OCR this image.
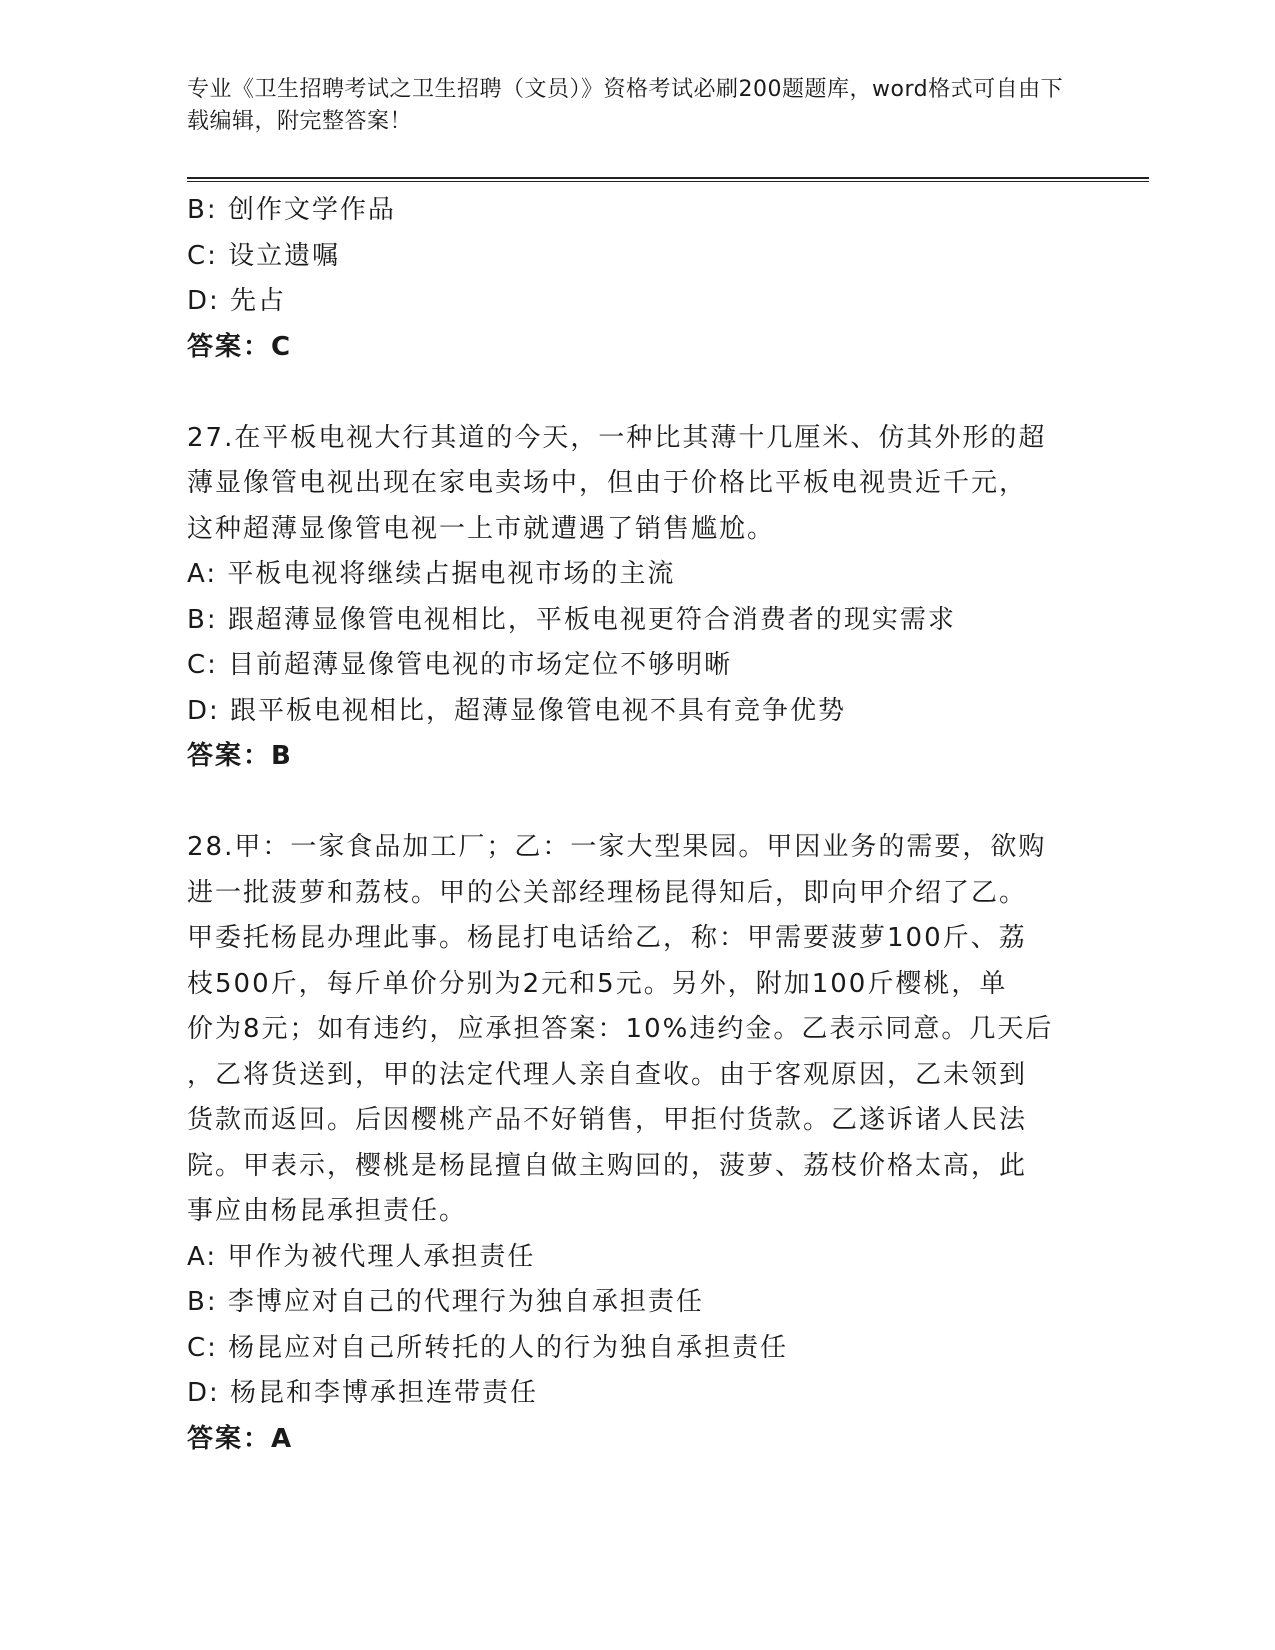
专业《卫生招聘考试之卫生招聘（文员）》资格考试必刷200题题库，word格式可自由下载编辑，附完整答案！

B: 创作文学作品
C: 设立遗嘱
D: 先占
答案：C
27.在平板电视大行其道的今天，一种比其薄十几厘米、仿其外形的超
薄显像管电视出现在家电卖场中，但由于价格比平板电视贵近千元，
这种超薄显像管电视一上市就遭遇了销售尴尬。
A: 平板电视将继续占据电视市场的主流
B: 跟超薄显像管电视相比，平板电视更符合消费者的现实需求
C: 目前超薄显像管电视的市场定位不够明晰
D: 跟平板电视相比，超薄显像管电视不具有竞争优势
答案：B
28.甲：一家食品加工厂；乙：一家大型果园。甲因业务的需要，欲购
进一批菠萝和荔枝。甲的公关部经理杨昆得知后，即向甲介绍了乙。
甲委托杨昆办理此事。杨昆打电话给乙，称：甲需要菠萝100斤、荔
枝500斤，每斤单价分别为2元和5元。另外，附加100斤樱桃，单
价为8元；如有违约，应承担答案：10%违约金。乙表示同意。几天后
，乙将货送到，甲的法定代理人亲自查收。由于客观原因，乙未领到
货款而返回。后因樱桃产品不好销售，甲拒付货款。乙遂诉诸人民法
院。甲表示，樱桃是杨昆擅自做主购回的，菠萝、荔枝价格太高，此
事应由杨昆承担责任。
A: 甲作为被代理人承担责任
B: 李博应对自己的代理行为独自承担责任
C: 杨昆应对自己所转托的人的行为独自承担责任
D: 杨昆和李博承担连带责任
答案：A
